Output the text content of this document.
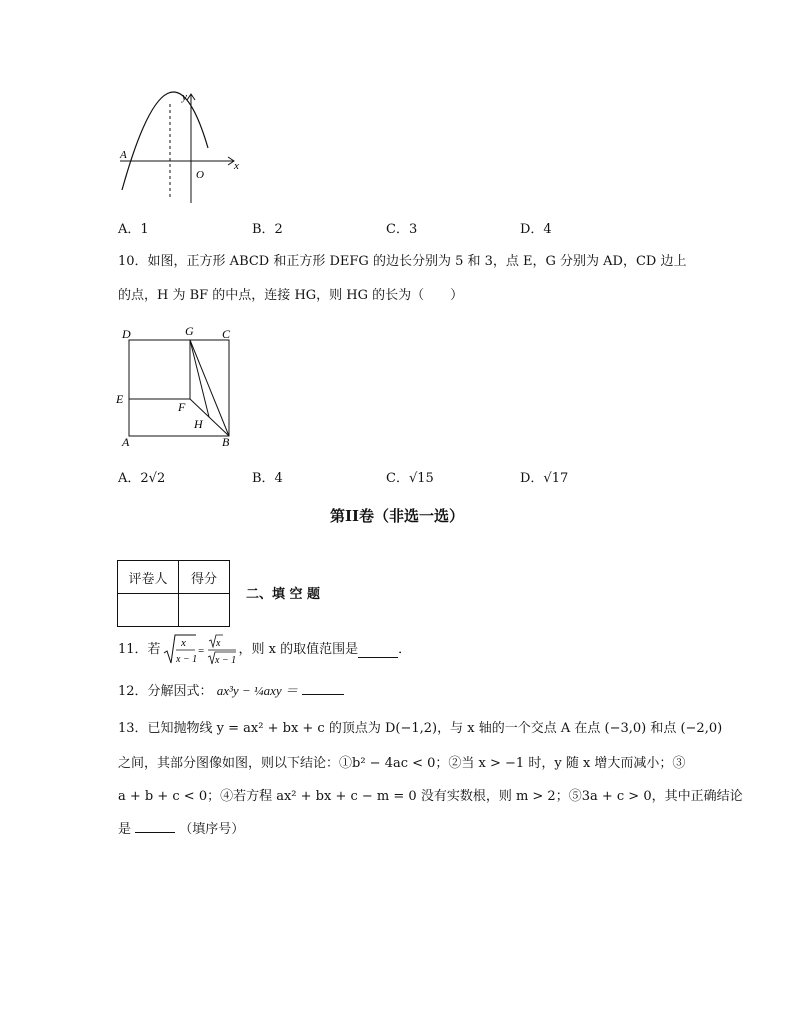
A
O
x
y
A．1	B．2	C．3	D．4
10．如图，正方形 ABCD 和正方形 DEFG 的边长分别为 5 和 3，点 E，G 分别为 AD，CD 边上
的点，H 为 BF 的中点，连接 HG，则 HG 的长为（　　）
D	G C
E
F
H
A	B
A．2√2	B．4	C．√15	D．√17
第II卷（非选一选）
评卷人	得分

二、填 空 题
11．若 x
x − 1
=
x
x − 1
，则 x 的取值范围是	．
12．分解因式： ax³y − ¼axy ＝
13．已知抛物线 y = ax² + bx + c 的顶点为 D(−1,2)，与 x 轴的一个交点 A 在点 (−3,0) 和点 (−2,0)
之间，其部分图像如图，则以下结论：①b² − 4ac < 0；②当 x > −1 时，y 随 x 增大而减小；③
a + b + c < 0；④若方程 ax² + bx + c − m = 0 没有实数根，则 m > 2；⑤3a + c > 0，其中正确结论
是	（填序号）
